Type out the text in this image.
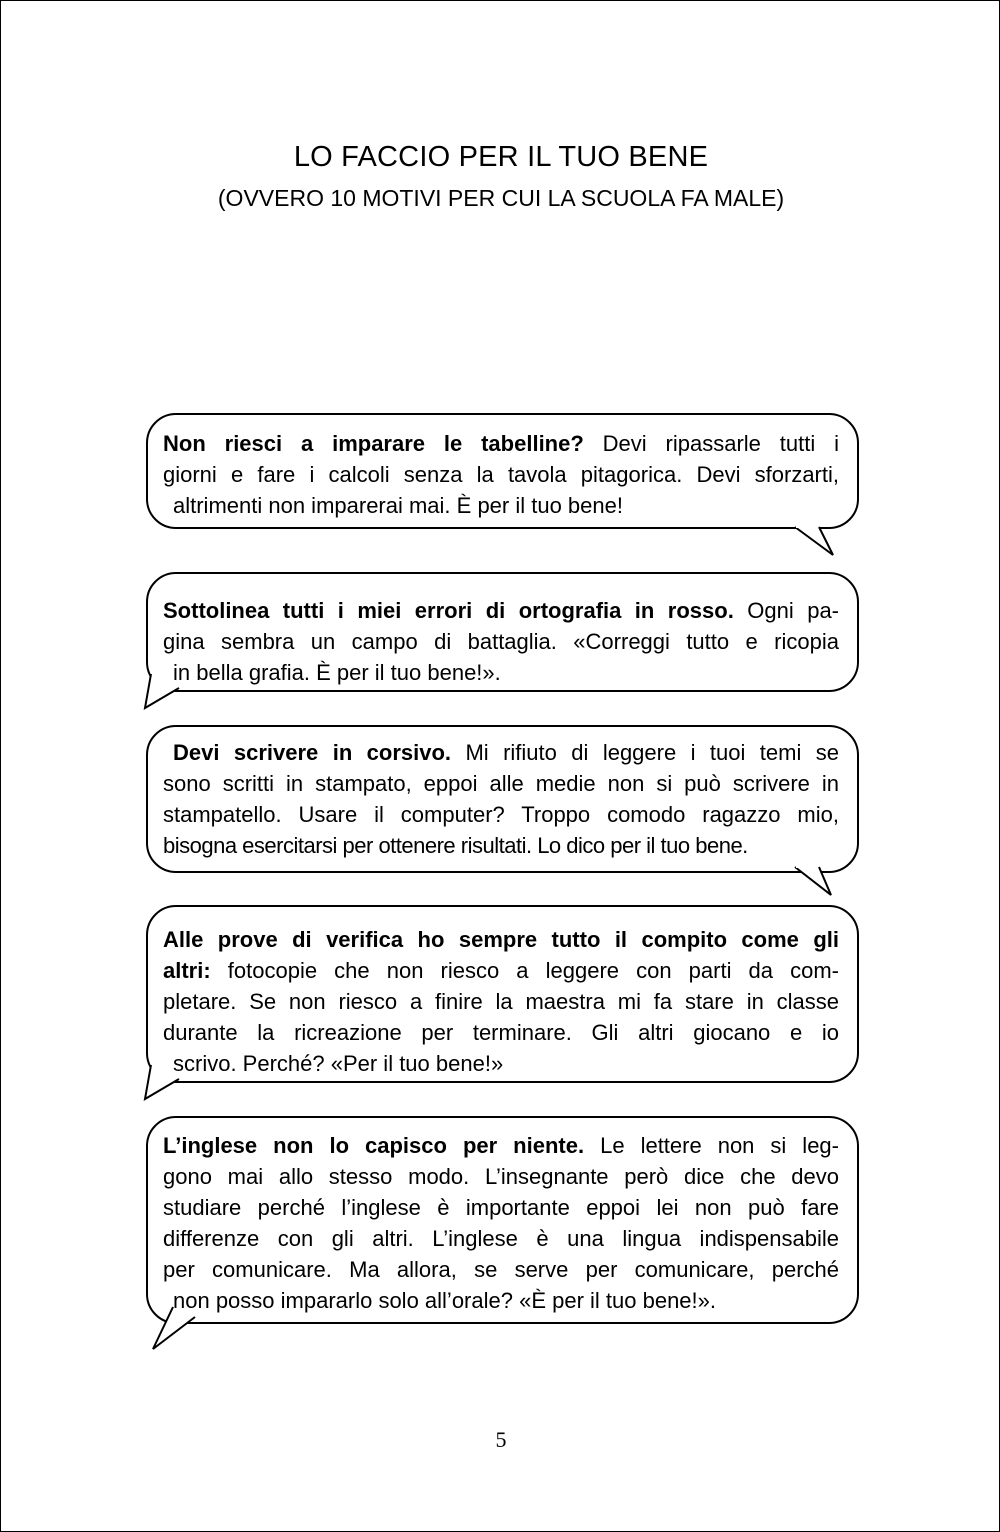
LO FACCIO PER IL TUO BENE
(OVVERO 10 MOTIVI PER CUI LA SCUOLA FA MALE)
Non riesci a imparare le tabelline? Devi ripassarle tutti i
giorni e fare i calcoli senza la tavola pitagorica. Devi sforzarti,
altrimenti non imparerai mai. È per il tuo bene!
Sottolinea tutti i miei errori di ortografia in rosso. Ogni pa-
gina sembra un campo di battaglia. «Correggi tutto e ricopia
in bella grafia. È per il tuo bene!».
Devi scrivere in corsivo. Mi rifiuto di leggere i tuoi temi se
sono scritti in stampato, eppoi alle medie non si può scrivere in
stampatello. Usare il computer? Troppo comodo ragazzo mio,
bisogna esercitarsi per ottenere risultati. Lo dico per il tuo bene.
Alle prove di verifica ho sempre tutto il compito come gli
altri: fotocopie che non riesco a leggere con parti da com-
pletare. Se non riesco a finire la maestra mi fa stare in classe
durante la ricreazione per terminare. Gli altri giocano e io
scrivo. Perché? «Per il tuo bene!»
L’inglese non lo capisco per niente. Le lettere non si leg-
gono mai allo stesso modo. L’insegnante però dice che devo
studiare perché l’inglese è importante eppoi lei non può fare
differenze con gli altri. L’inglese è una lingua indispensabile
per comunicare. Ma allora, se serve per comunicare, perché
non posso impararlo solo all’orale? «È per il tuo bene!».
5
